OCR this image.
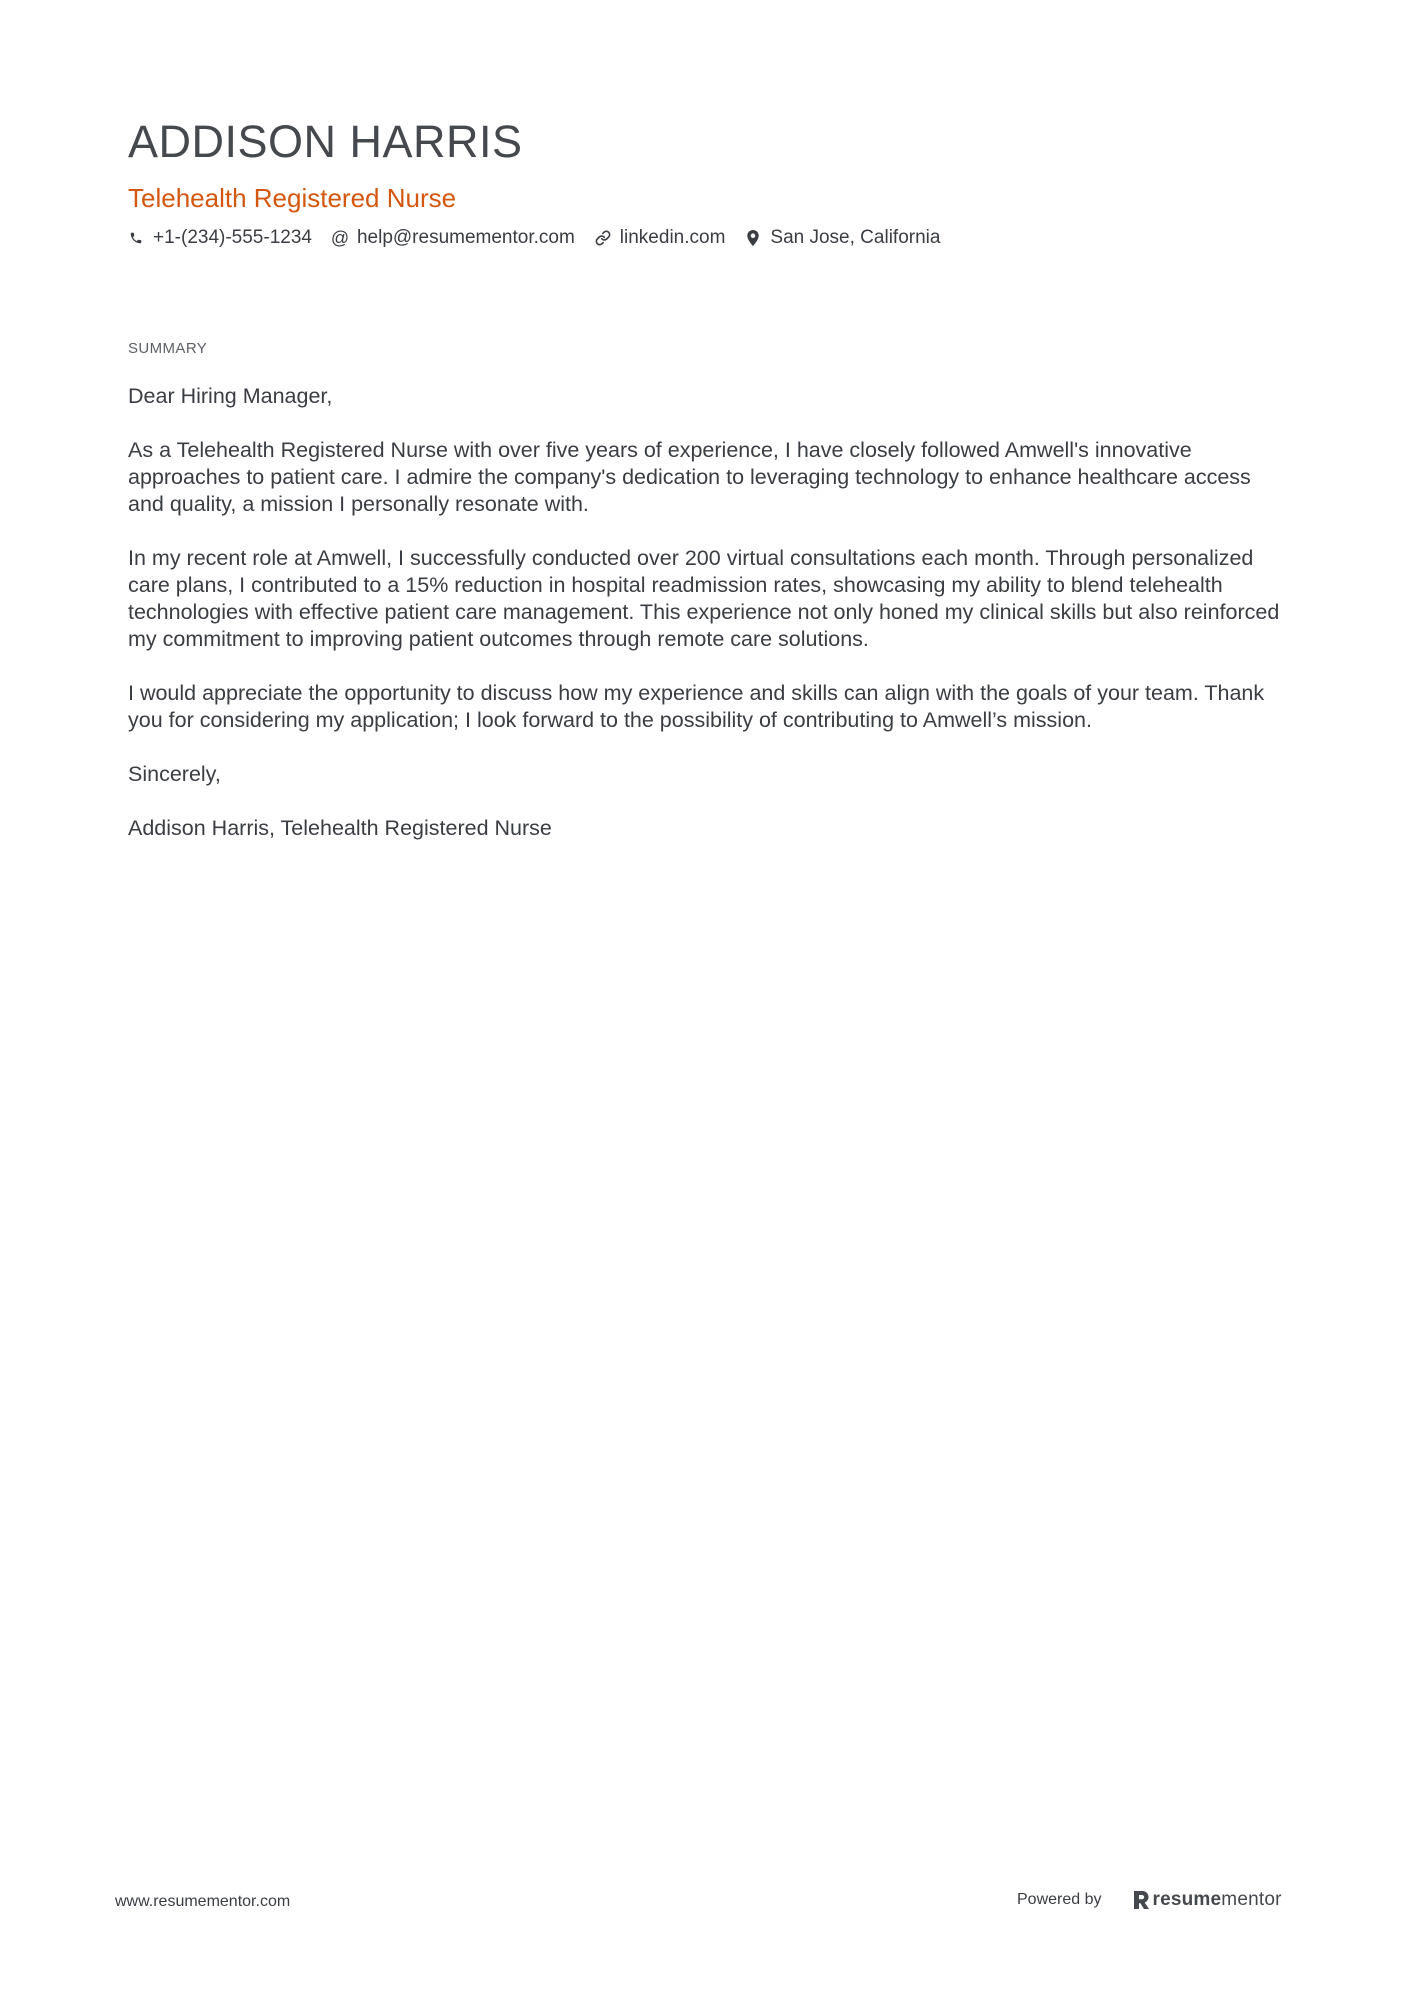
ADDISON HARRIS
Telehealth Registered Nurse
+1-(234)-555-1234 @ help@resumementor.com linkedin.com San Jose, California
SUMMARY

Dear Hiring Manager,

As a Telehealth Registered Nurse with over five years of experience, I have closely followed Amwell's innovative approaches to patient care. I admire the company's dedication to leveraging technology to enhance healthcare access and quality, a mission I personally resonate with.

In my recent role at Amwell, I successfully conducted over 200 virtual consultations each month. Through personalized care plans, I contributed to a 15% reduction in hospital readmission rates, showcasing my ability to blend telehealth technologies with effective patient care management. This experience not only honed my clinical skills but also reinforced my commitment to improving patient outcomes through remote care solutions.

I would appreciate the opportunity to discuss how my experience and skills can align with the goals of your team. Thank you for considering my application; I look forward to the possibility of contributing to Amwell’s mission.

Sincerely,

Addison Harris, Telehealth Registered Nurse

www.resumementor.com	Powered by	resumementor
